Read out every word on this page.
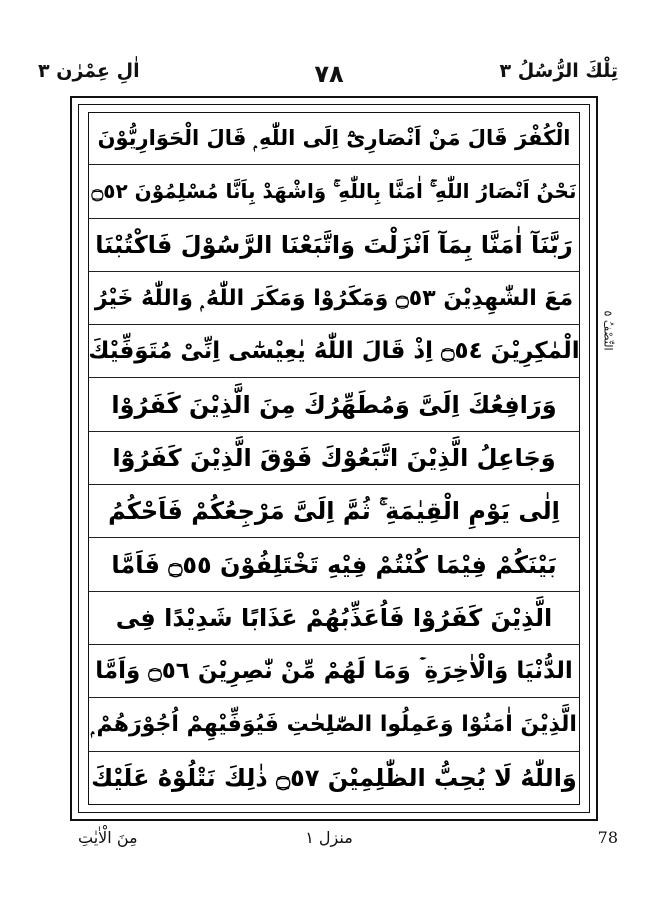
اٰلِ عِمْرٰن ٣	٧٨	تِلْكَ الرُّسُلُ ٣
الْكُفْرَ قَالَ مَنْ اَنْصَارِیْٓ اِلَی اللّٰهِ ۭ قَالَ الْحَوَارِیُّوْنَ
نَحْنُ اَنْصَارُ اللّٰهِ ۚ اٰمَنَّا بِاللّٰهِ ۚ وَاشْهَدْ بِاَنَّا مُسْلِمُوْنَ ۝٥٢
رَبَّنَآ اٰمَنَّا بِمَآ اَنْزَلْتَ وَاتَّبَعْنَا الرَّسُوْلَ فَاكْتُبْنَا
مَعَ الشّٰهِدِیْنَ ۝٥٣ وَمَكَرُوْا وَمَكَرَ اللّٰهُ ۭ وَاللّٰهُ خَیْرُ
الْمٰكِرِیْنَ ۝٥٤ اِذْ قَالَ اللّٰهُ یٰعِیْسٰٓی اِنِّیْ مُتَوَفِّیْكَ
وَرَافِعُكَ اِلَیَّ وَمُطَهِّرُكَ مِنَ الَّذِیْنَ كَفَرُوْا
وَجَاعِلُ الَّذِیْنَ اتَّبَعُوْكَ فَوْقَ الَّذِیْنَ كَفَرُوْٓا
اِلٰی یَوْمِ الْقِیٰمَةِ ۚ ثُمَّ اِلَیَّ مَرْجِعُكُمْ فَاَحْكُمُ
بَیْنَكُمْ فِیْمَا كُنْتُمْ فِیْهِ تَخْتَلِفُوْنَ ۝٥٥ فَاَمَّا
الَّذِیْنَ كَفَرُوْا فَاُعَذِّبُهُمْ عَذَابًا شَدِیْدًا فِی
الدُّنْیَا وَالْاٰخِرَةِ ۡ وَمَا لَهُمْ مِّنْ نّٰصِرِیْنَ ۝٥٦ وَاَمَّا
الَّذِیْنَ اٰمَنُوْا وَعَمِلُوا الصّٰلِحٰتِ فَیُوَفِّیْهِمْ اُجُوْرَهُمْ ۭ
وَاللّٰهُ لَا یُحِبُّ الظّٰلِمِیْنَ ۝٥٧ ذٰلِكَ نَتْلُوْهُ عَلَیْكَ
النِّصْفُ ٥
مِنَ الْاٰیٰتِ	منزل ١	78
